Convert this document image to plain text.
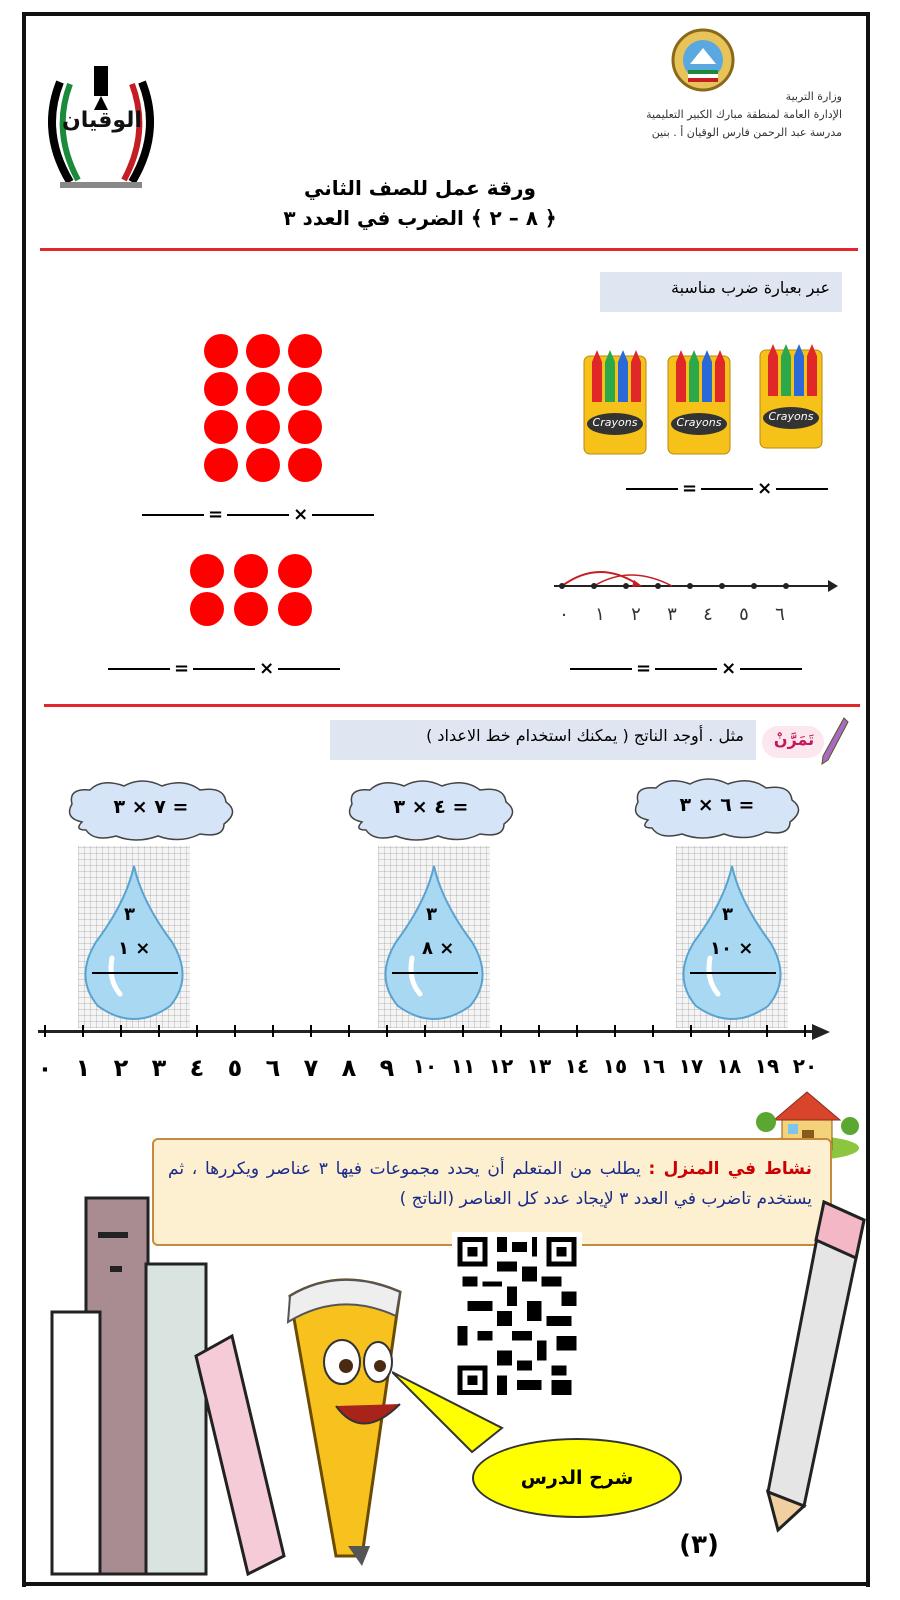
الوقيان
وزارة التربية
الإدارة العامة لمنطقة مبارك الكبير التعليمية
مدرسة عبد الرحمن فارس الوقيان أ . بنين
ورقة عمل للصف الثاني
﴿ ٨ – ٢ ﴾ الضرب في العدد ٣
عبر بعبارة ضرب مناسبة
=	×
=	×
Crayons	Crayons	Crayons
=	×
٠	١	٢	٣	٤	٥	٦
=	×
تَمَرَّنْ
مثل . أوجد الناتج ( يمكنك استخدام خط الاعداد )
٧ × ٣ =	٤ × ٣ =	٦ × ٣ =
٣
× ١
٣
× ٨
٣
× ١٠
٠ ١ ٢ ٣ ٤ ٥ ٦ ٧ ٨ ٩ ١٠ ١١ ١٢ ١٣ ١٤ ١٥ ١٦ ١٧ ١٨ ١٩ ٢٠
نشاط في المنزل : يطلب من المتعلم أن يحدد مجموعات فيها ٣ عناصر ويكررها ، ثم يستخدم تاضرب في العدد ٣ لإيجاد عدد كل العناصر (الناتج )
شرح الدرس
(٣)
